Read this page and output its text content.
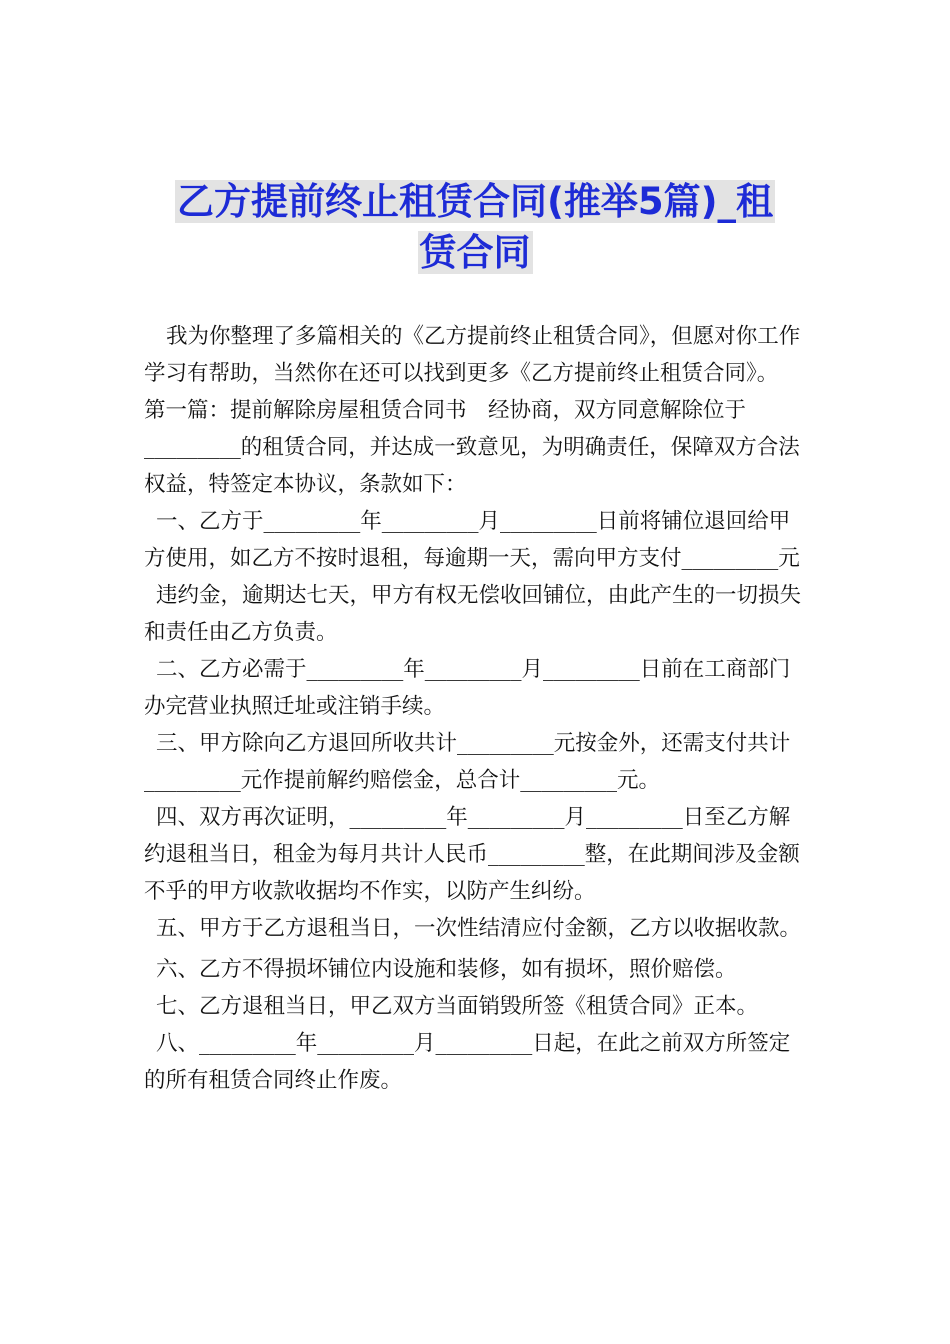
乙方提前终止租赁合同(推举5篇)_租
赁合同

我为你整理了多篇相关的《乙方提前终止租赁合同》，但愿对你工作学习有帮助，当然你在还可以找到更多《乙方提前终止租赁合同》。

第一篇：提前解除房屋租赁合同书　经协商，双方同意解除位于_________的租赁合同，并达成一致意见，为明确责任，保障双方合法权益，特签定本协议，条款如下：

一、乙方于_________年_________月_________日前将铺位退回给甲方使用，如乙方不按时退租，每逾期一天，需向甲方支付_________元

违约金，逾期达七天，甲方有权无偿收回铺位，由此产生的一切损失和责任由乙方负责。

二、乙方必需于_________年_________月_________日前在工商部门办完营业执照迁址或注销手续。

三、甲方除向乙方退回所收共计_________元按金外，还需支付共计_________元作提前解约赔偿金，总合计_________元。

四、双方再次证明，_________年_________月_________日至乙方解约退租当日，租金为每月共计人民币_________整，在此期间涉及金额不乎的甲方收款收据均不作实，以防产生纠纷。

五、甲方于乙方退租当日，一次性结清应付金额，乙方以收据收款。

六、乙方不得损坏铺位内设施和装修，如有损坏，照价赔偿。

七、乙方退租当日，甲乙双方当面销毁所签《租赁合同》正本。

八、_________年_________月_________日起，在此之前双方所签定的所有租赁合同终止作废。
